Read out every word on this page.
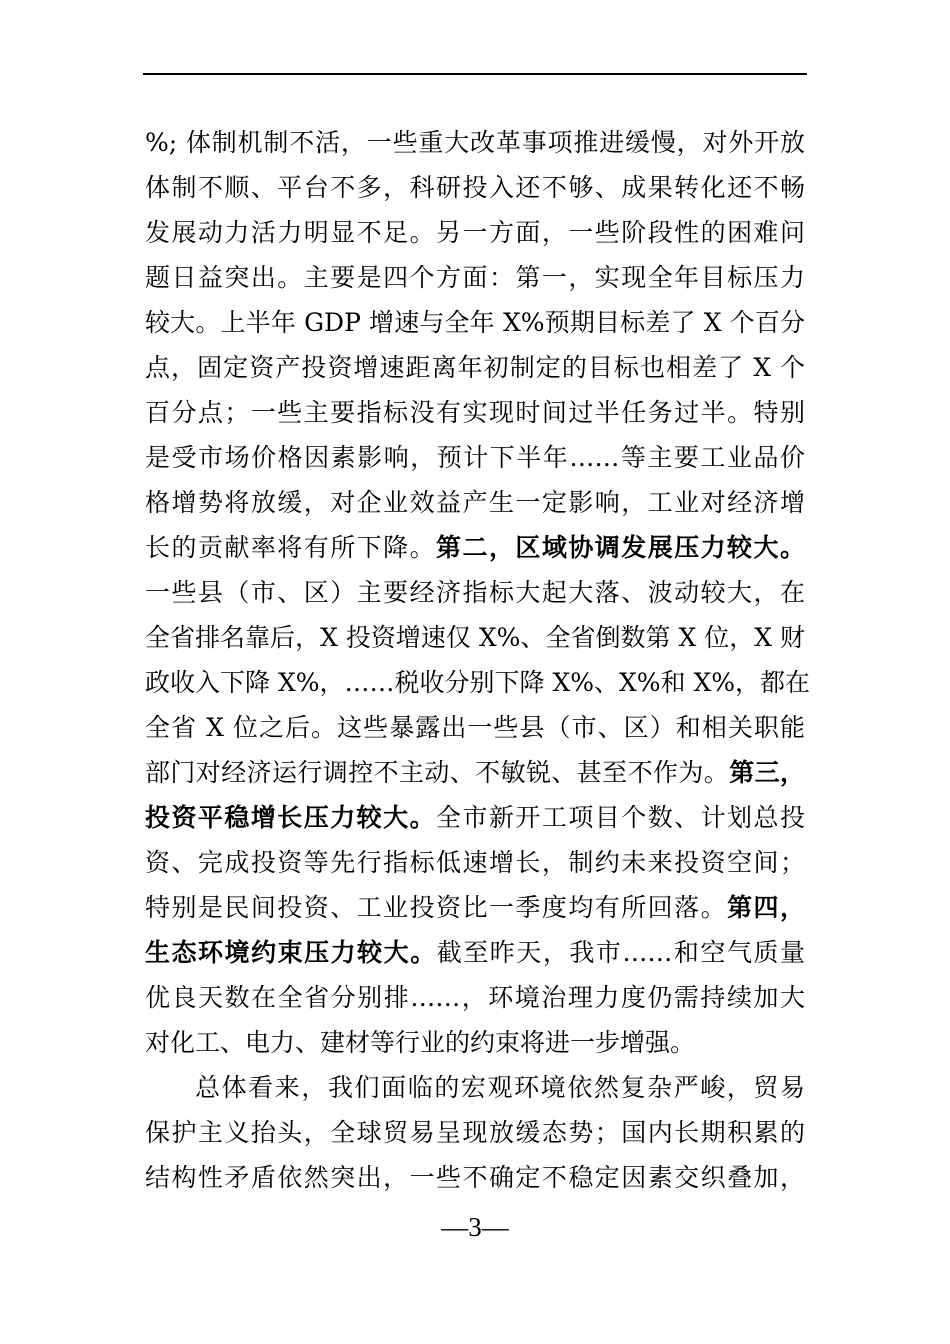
%; 体制机制不活，一些重大改革事项推进缓慢，对外开放
体制不顺、平台不多，科研投入还不够、成果转化还不畅
发展动力活力明显不足。另一方面，一些阶段性的困难问
题日益突出。主要是四个方面：第一，实现全年目标压力
较大。上半年 GDP 增速与全年 X%预期目标差了 X 个百分
点，固定资产投资增速距离年初制定的目标也相差了 X 个
百分点；一些主要指标没有实现时间过半任务过半。特别
是受市场价格因素影响，预计下半年……等主要工业品价
格增势将放缓，对企业效益产生一定影响，工业对经济增
长的贡献率将有所下降。第二，区域协调发展压力较大。
一些县（市、区）主要经济指标大起大落、波动较大，在
全省排名靠后，X 投资增速仅 X%、全省倒数第 X 位，X 财
政收入下降 X%，……税收分别下降 X%、X%和 X%，都在
全省 X 位之后。这些暴露出一些县（市、区）和相关职能
部门对经济运行调控不主动、不敏锐、甚至不作为。第三，
投资平稳增长压力较大。全市新开工项目个数、计划总投
资、完成投资等先行指标低速增长，制约未来投资空间；
特别是民间投资、工业投资比一季度均有所回落。第四，
生态环境约束压力较大。截至昨天，我市……和空气质量
优良天数在全省分别排……，环境治理力度仍需持续加大
对化工、电力、建材等行业的约束将进一步增强。
总体看来，我们面临的宏观环境依然复杂严峻，贸易
保护主义抬头，全球贸易呈现放缓态势；国内长期积累的
结构性矛盾依然突出，一些不确定不稳定因素交织叠加，
—3—
